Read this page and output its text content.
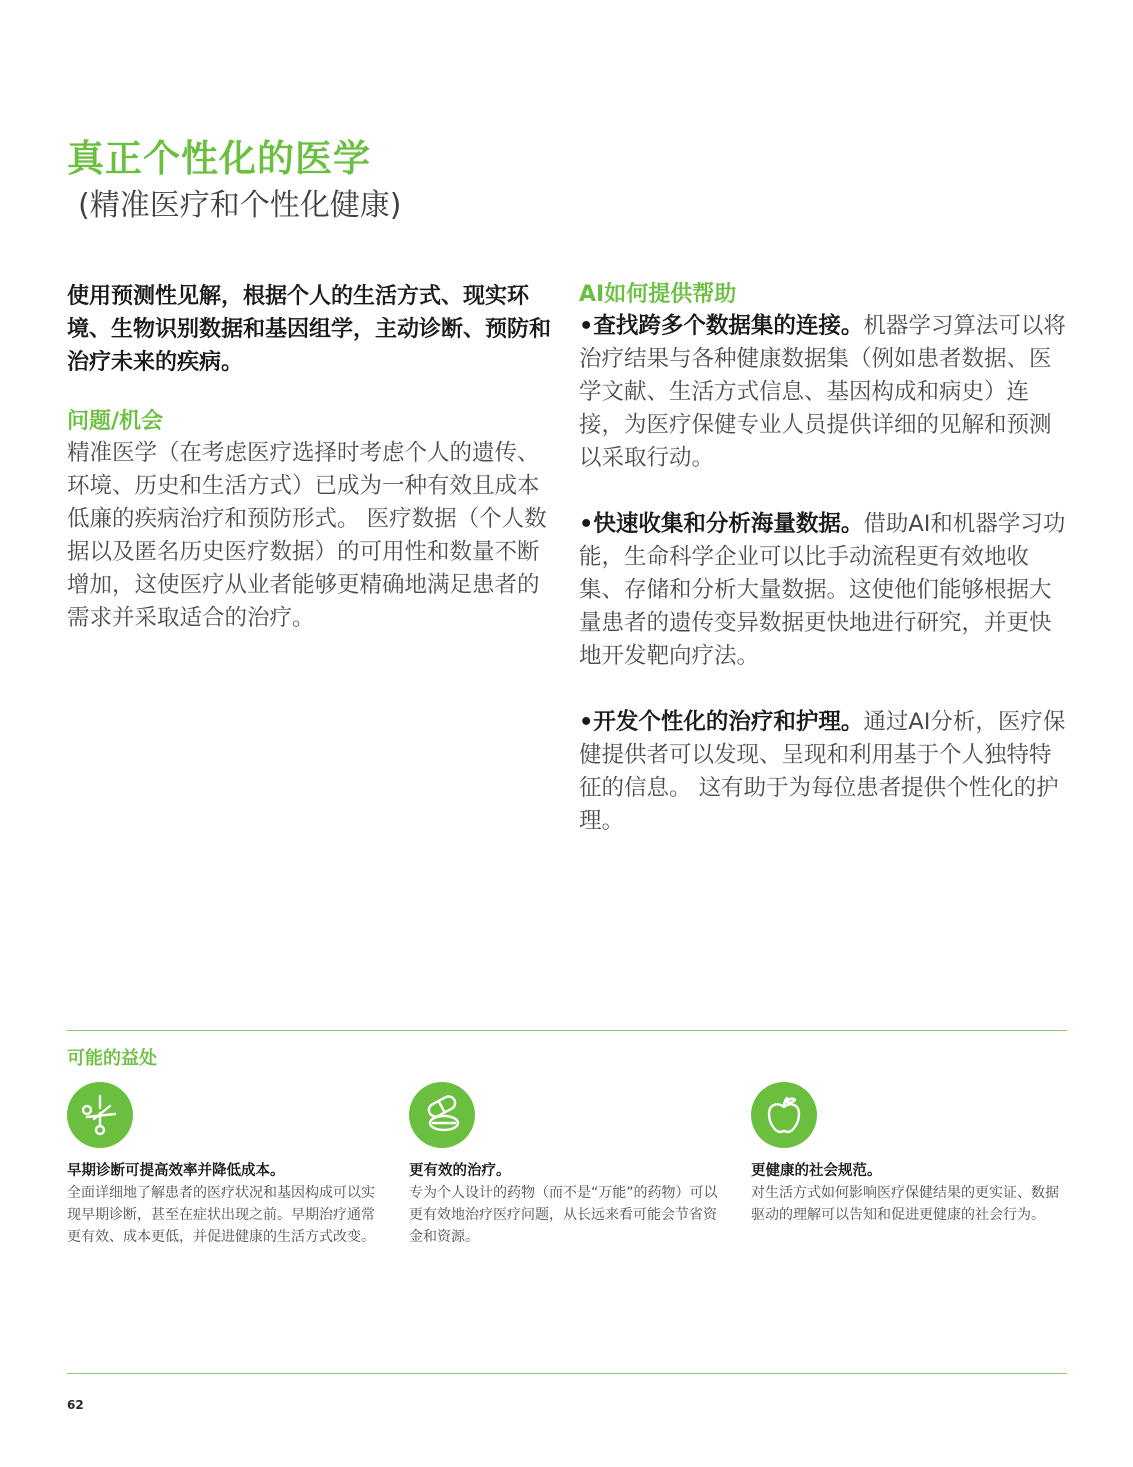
真正个性化的医学
(精准医疗和个性化健康)

使用预测性见解，根据个人的生活方式、现实环境、生物识别数据和基因组学，主动诊断、预防和治疗未来的疾病。

问题/机会

精准医学（在考虑医疗选择时考虑个人的遗传、环境、历史和生活方式）已成为一种有效且成本低廉的疾病治疗和预防形式。 医疗数据（个人数据以及匿名历史医疗数据）的可用性和数量不断增加，这使医疗从业者能够更精确地满足患者的需求并采取适合的治疗。

AI如何提供帮助

•查找跨多个数据集的连接。机器学习算法可以将治疗结果与各种健康数据集（例如患者数据、医学文献、生活方式信息、基因构成和病史）连接，为医疗保健专业人员提供详细的见解和预测以采取行动。

•快速收集和分析海量数据。借助AI和机器学习功能，生命科学企业可以比手动流程更有效地收集、存储和分析大量数据。这使他们能够根据大量患者的遗传变异数据更快地进行研究，并更快地开发靶向疗法。

•开发个性化的治疗和护理。通过AI分析，医疗保健提供者可以发现、呈现和利用基于个人独特特征的信息。 这有助于为每位患者提供个性化的护理。

可能的益处
早期诊断可提高效率并降低成本。
全面详细地了解患者的医疗状况和基因构成可以实现早期诊断，甚至在症状出现之前。早期治疗通常更有效、成本更低，并促进健康的生活方式改变。
更有效的治疗。
专为个人设计的药物（而不是“万能”的药物）可以更有效地治疗医疗问题，从长远来看可能会节省资金和资源。
更健康的社会规范。
对生活方式如何影响医疗保健结果的更实证、数据驱动的理解可以告知和促进更健康的社会行为。
62
